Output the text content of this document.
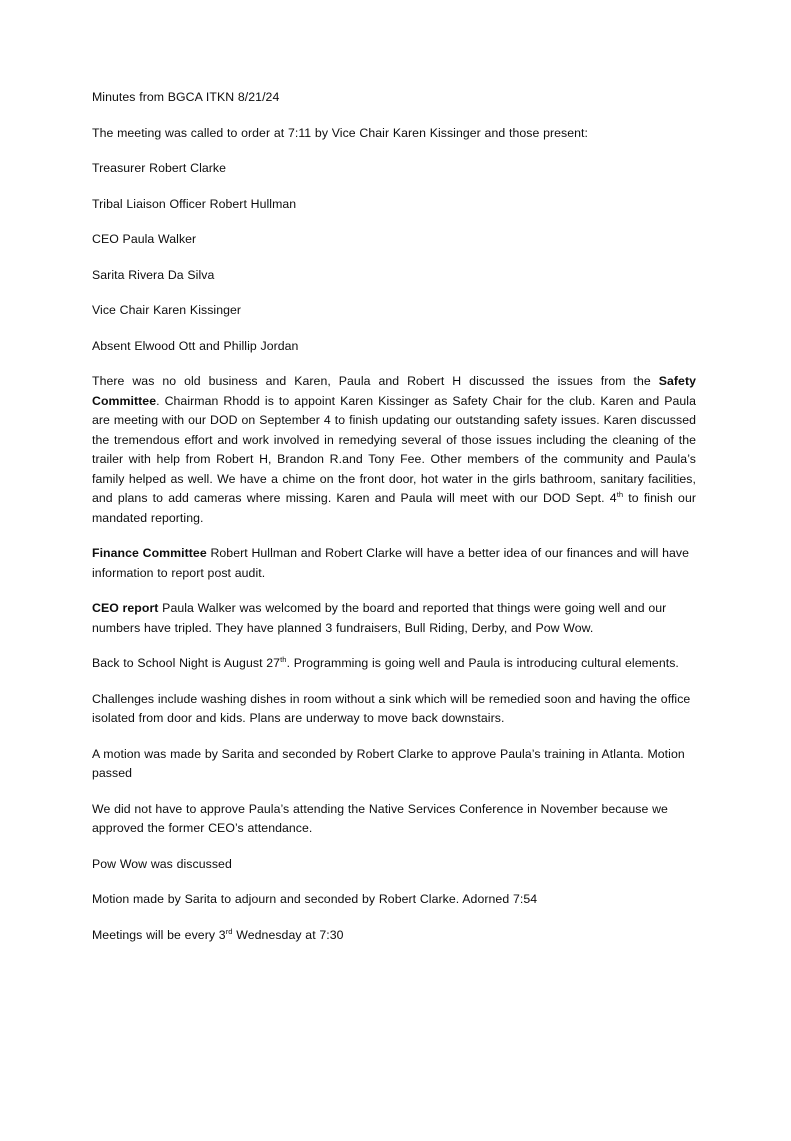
Minutes from BGCA ITKN 8/21/24

The meeting was called to order at 7:11 by Vice Chair Karen Kissinger and those present:

Treasurer Robert Clarke

Tribal Liaison Officer Robert Hullman

CEO Paula Walker

Sarita Rivera Da Silva

Vice Chair Karen Kissinger

Absent Elwood Ott and Phillip Jordan

There was no old business and Karen, Paula and Robert H discussed the issues from the Safety Committee. Chairman Rhodd is to appoint Karen Kissinger as Safety Chair for the club. Karen and Paula are meeting with our DOD on September 4 to finish updating our outstanding safety issues. Karen discussed the tremendous effort and work involved in remedying several of those issues including the cleaning of the trailer with help from Robert H, Brandon R.and Tony Fee. Other members of the community and Paula’s family helped as well. We have a chime on the front door, hot water in the girls bathroom, sanitary facilities, and plans to add cameras where missing. Karen and Paula will meet with our DOD Sept. 4th to finish our mandated reporting.

Finance Committee Robert Hullman and Robert Clarke will have a better idea of our finances and will have information to report post audit.

CEO report Paula Walker was welcomed by the board and reported that things were going well and our numbers have tripled. They have planned 3 fundraisers, Bull Riding, Derby, and Pow Wow.

Back to School Night is August 27th. Programming is going well and Paula is introducing cultural elements.

Challenges include washing dishes in room without a sink which will be remedied soon and having the office isolated from door and kids. Plans are underway to move back downstairs.

A motion was made by Sarita and seconded by Robert Clarke to approve Paula’s training in Atlanta. Motion passed

We did not have to approve Paula’s attending the Native Services Conference in November because we approved the former CEO’s attendance.

Pow Wow was discussed

Motion made by Sarita to adjourn and seconded by Robert Clarke. Adorned 7:54

Meetings will be every 3rd Wednesday at 7:30
